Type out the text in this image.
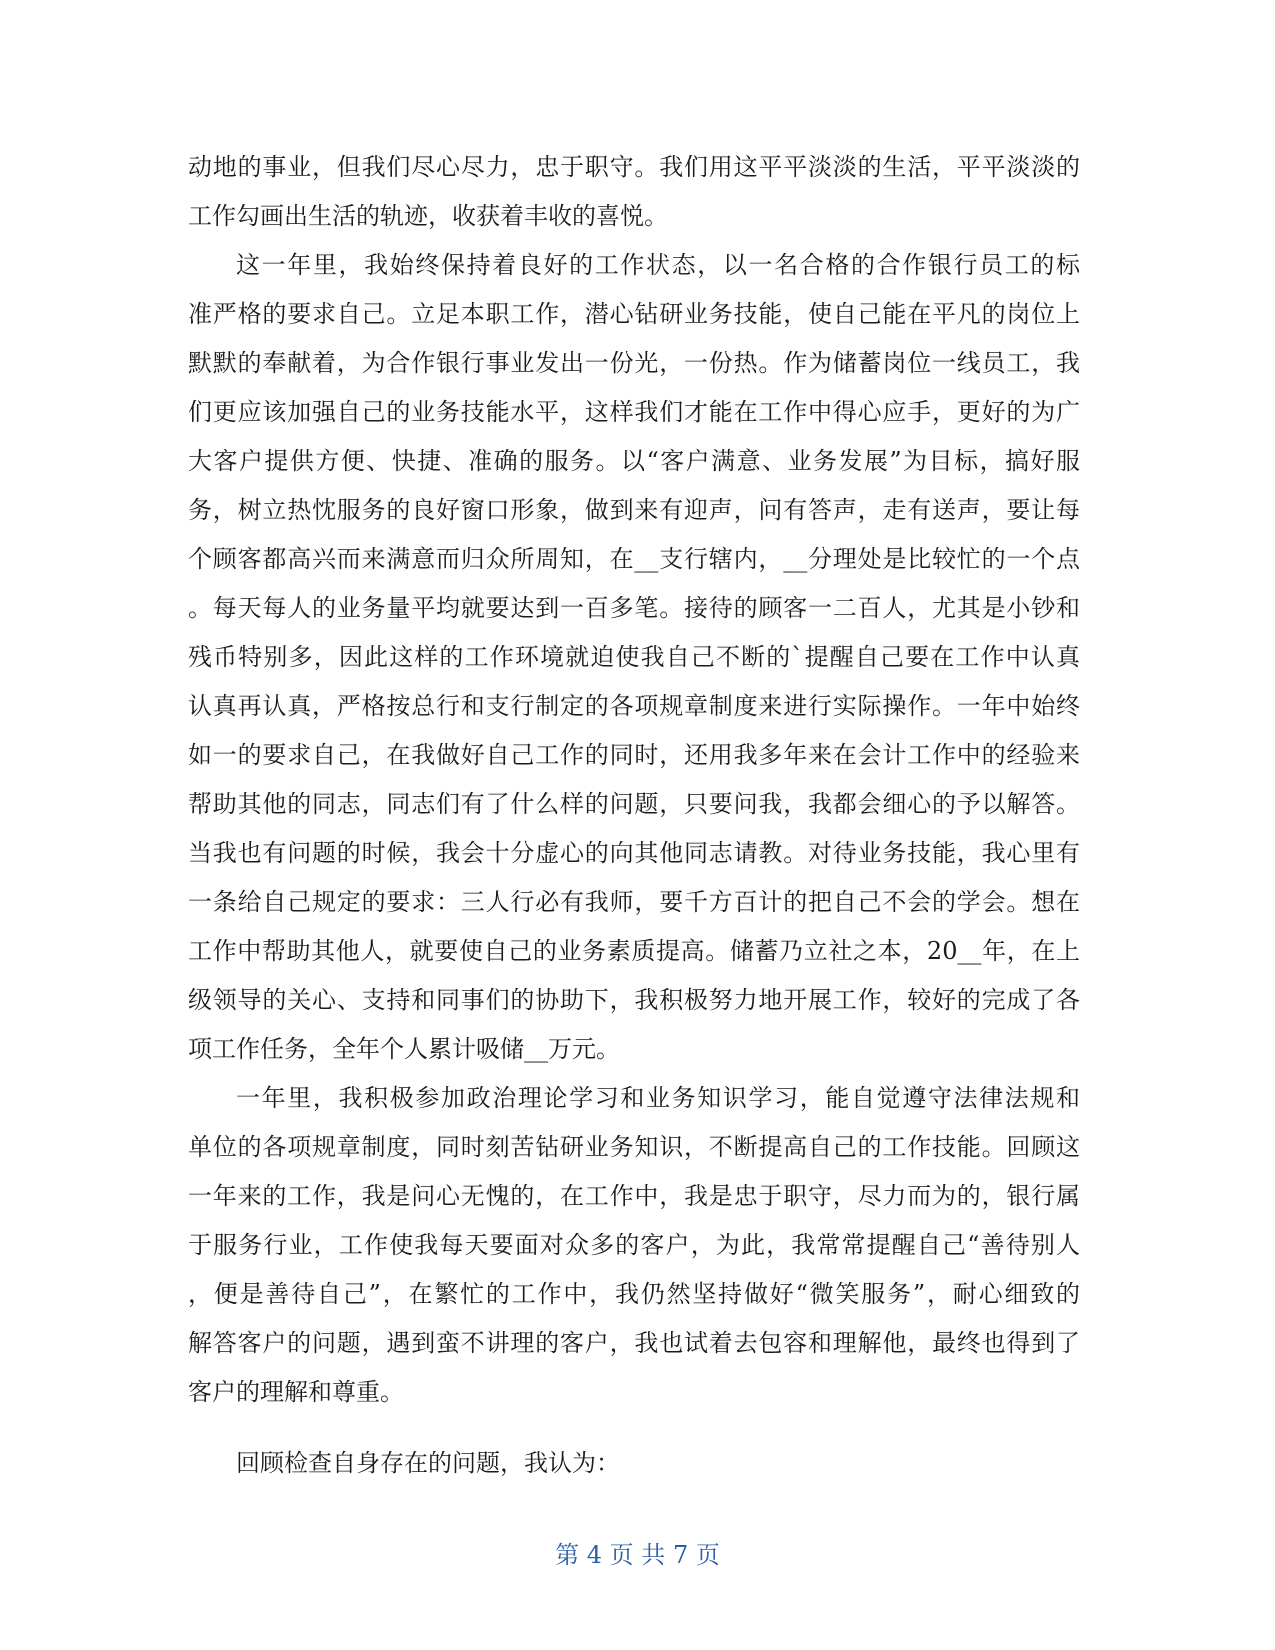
动地的事业，但我们尽心尽力，忠于职守。我们用这平平淡淡的生活，平平淡淡的
工作勾画出生活的轨迹，收获着丰收的喜悦。
这一年里，我始终保持着良好的工作状态，以一名合格的合作银行员工的标
准严格的要求自己。立足本职工作，潜心钻研业务技能，使自己能在平凡的岗位上
默默的奉献着，为合作银行事业发出一份光，一份热。作为储蓄岗位一线员工，我
们更应该加强自己的业务技能水平，这样我们才能在工作中得心应手，更好的为广
大客户提供方便、快捷、准确的服务。以“客户满意、业务发展”为目标，搞好服
务，树立热忱服务的良好窗口形象，做到来有迎声，问有答声，走有送声，要让每
个顾客都高兴而来满意而归众所周知，在__支行辖内，__分理处是比较忙的一个点
。每天每人的业务量平均就要达到一百多笔。接待的顾客一二百人，尤其是小钞和
残币特别多，因此这样的工作环境就迫使我自己不断的`提醒自己要在工作中认真
认真再认真，严格按总行和支行制定的各项规章制度来进行实际操作。一年中始终
如一的要求自己，在我做好自己工作的同时，还用我多年来在会计工作中的经验来
帮助其他的同志，同志们有了什么样的问题，只要问我，我都会细心的予以解答。
当我也有问题的时候，我会十分虚心的向其他同志请教。对待业务技能，我心里有
一条给自己规定的要求：三人行必有我师，要千方百计的把自己不会的学会。想在
工作中帮助其他人，就要使自己的业务素质提高。储蓄乃立社之本，20__年，在上
级领导的关心、支持和同事们的协助下，我积极努力地开展工作，较好的完成了各
项工作任务，全年个人累计吸储__万元。
一年里，我积极参加政治理论学习和业务知识学习，能自觉遵守法律法规和
单位的各项规章制度，同时刻苦钻研业务知识，不断提高自己的工作技能。回顾这
一年来的工作，我是问心无愧的，在工作中，我是忠于职守，尽力而为的，银行属
于服务行业，工作使我每天要面对众多的客户，为此，我常常提醒自己“善待别人
，便是善待自己”，在繁忙的工作中，我仍然坚持做好“微笑服务”，耐心细致的
解答客户的问题，遇到蛮不讲理的客户，我也试着去包容和理解他，最终也得到了
客户的理解和尊重。
回顾检查自身存在的问题，我认为：
第 4 页 共 7 页
